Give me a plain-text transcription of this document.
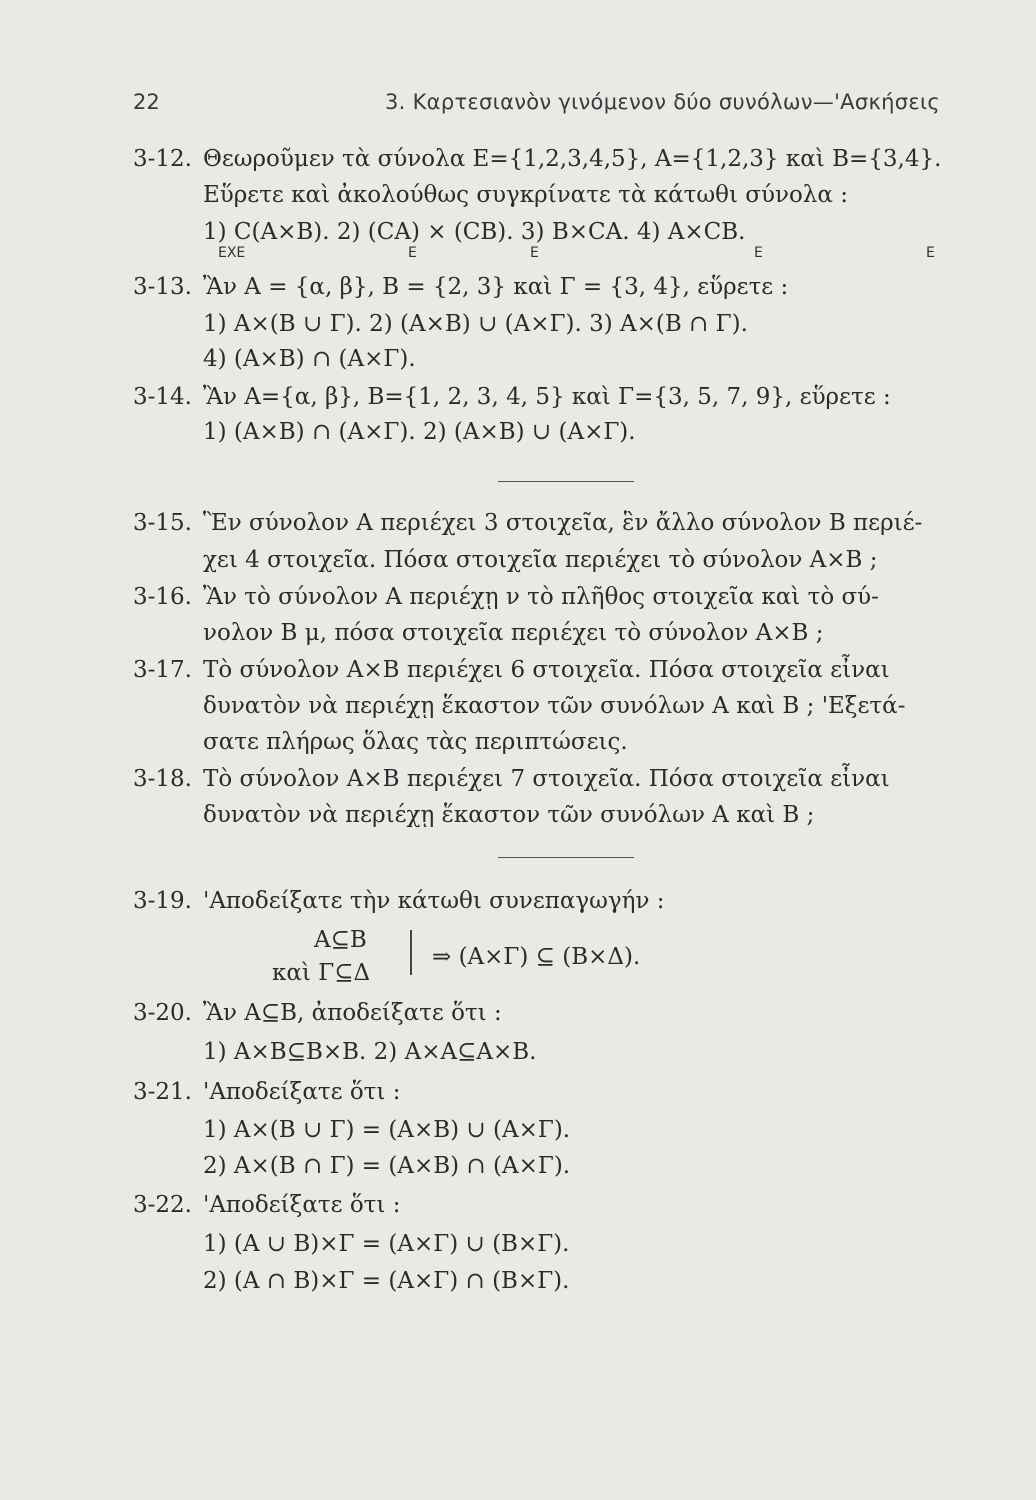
22	3. Καρτεσιανὸν γινόμενον δύο συνόλων—'Ασκήσεις
3-12. Θεωροῦμεν τὰ σύνολα E={1,2,3,4,5}, A={1,2,3} καὶ B={3,4}.
Εὕρετε καὶ ἀκολούθως συγκρίνατε τὰ κάτωθι σύνολα :
1) C(A×B). 2) (CA) × (CB). 3) B×CA. 4) A×CB.
EXE	E	E	E	E
3-13. Ἂν A = {α, β}, B = {2, 3} καὶ Γ = {3, 4}, εὕρετε :
1) A×(B ∪ Γ). 2) (A×B) ∪ (A×Γ). 3) A×(B ∩ Γ).
4) (A×B) ∩ (A×Γ).
3-14. Ἂν A={α, β}, B={1, 2, 3, 4, 5} καὶ Γ={3, 5, 7, 9}, εὕρετε :
1) (A×B) ∩ (A×Γ). 2) (A×B) ∪ (A×Γ).
3-15. Ἓν σύνολον A περιέχει 3 στοιχεῖα, ἓν ἄλλο σύνολον B περιέ-
χει 4 στοιχεῖα. Πόσα στοιχεῖα περιέχει τὸ σύνολον A×B ;
3-16. Ἂν τὸ σύνολον A περιέχῃ ν τὸ πλῆθος στοιχεῖα καὶ τὸ σύ-
νολον B μ, πόσα στοιχεῖα περιέχει τὸ σύνολον A×B ;
3-17. Τὸ σύνολον A×B περιέχει 6 στοιχεῖα. Πόσα στοιχεῖα εἶναι
δυνατὸν νὰ περιέχῃ ἕκαστον τῶν συνόλων A καὶ B ; 'Εξετά-
σατε πλήρως ὅλας τὰς περιπτώσεις.
3-18. Τὸ σύνολον A×B περιέχει 7 στοιχεῖα. Πόσα στοιχεῖα εἶναι
δυνατὸν νὰ περιέχῃ ἕκαστον τῶν συνόλων A καὶ B ;
3-19. 'Αποδείξατε τὴν κάτωθι συνεπαγωγήν :
A⊆B
καὶ Γ⊆Δ
⇒ (A×Γ) ⊆ (B×Δ).
3-20. Ἂν A⊆B, ἀποδείξατε ὅτι :
1) A×B⊆B×B. 2) A×A⊆A×B.
3-21. 'Αποδείξατε ὅτι :
1) A×(B ∪ Γ) = (A×B) ∪ (A×Γ).
2) A×(B ∩ Γ) = (A×B) ∩ (A×Γ).
3-22. 'Αποδείξατε ὅτι :
1) (A ∪ B)×Γ = (A×Γ) ∪ (B×Γ).
2) (A ∩ B)×Γ = (A×Γ) ∩ (B×Γ).
